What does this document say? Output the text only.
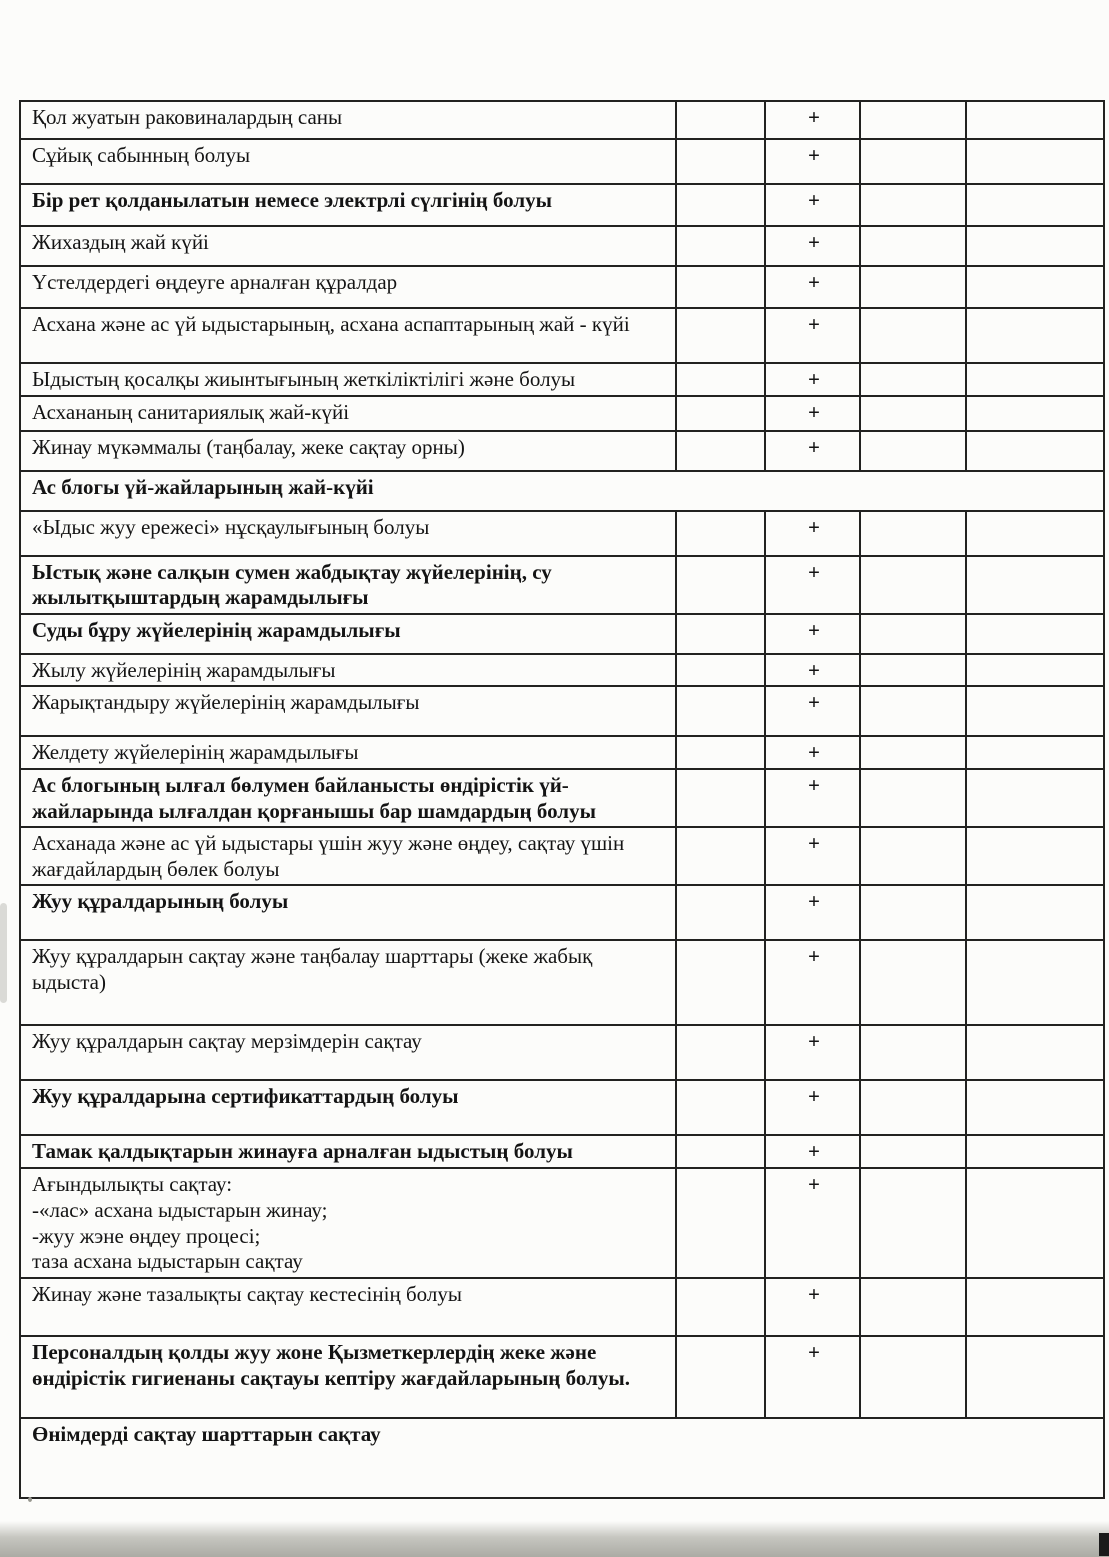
Қол жуатын раковиналардың саны		+		
Сұйық сабынның болуы		+		
Бір рет қолданылатын немесе электрлі сүлгінің болуы		+		
Жихаздың жай күйі		+		
Үстелдердегі өңдеуге арналған құралдар		+		
Асхана және ас үй ыдыстарының, асхана аспаптарының жай - күйі		+		
Ыдыстың қосалқы жиынтығының жеткіліктілігі және болуы		+		
Асхананың санитариялық жай-күйі		+		
Жинау мүкәммалы (таңбалау, жеке сақтау орны)		+		
Ас блогы үй-жайларының жай-күйі				
«Ыдыс жуу ережесі» нұсқаулығының болуы		+		
Ыстық және салқын сумен жабдықтау жүйелерінің, су жылытқыштардың жарамдылығы		+		
Суды бұру жүйелерінің жарамдылығы		+		
Жылу жүйелерінің жарамдылығы		+		
Жарықтандыру жүйелерінің жарамдылығы		+		
Желдету жүйелерінің жарамдылығы		+		
Ас блогының ылғал бөлумен байланысты өндірістік үй-жайларында ылғалдан қорғанышы бар шамдардың болуы		+		
Асханада және ас үй ыдыстары үшін жуу және өңдеу, сақтау үшін жағдайлардың бөлек болуы		+		
Жуу құралдарының болуы		+		
Жуу құралдарын сақтау және таңбалау шарттары (жеке жабық ыдыста)		+		
Жуу құралдарын сақтау мерзімдерін сақтау		+		
Жуу құралдарына сертификаттардың болуы		+		
Тамак қалдықтарын жинауға арналған ыдыстың болуы		+		

Ағындылықты сақтау:
-«лас» асхана ыдыстарын жинау;
-жуу жэне өңдеу процесі;
таза асхана ыдыстарын сақтау		+		
Жинау және тазалықты сақтау кестесінің болуы		+		
Персоналдың қолды жуу жоне Қызметкерлердің жеке және өндірістік гигиенаны сақтауы кептіру жағдайларының болуы.		+		
Өнімдерді сақтау шарттарын сақтау				
